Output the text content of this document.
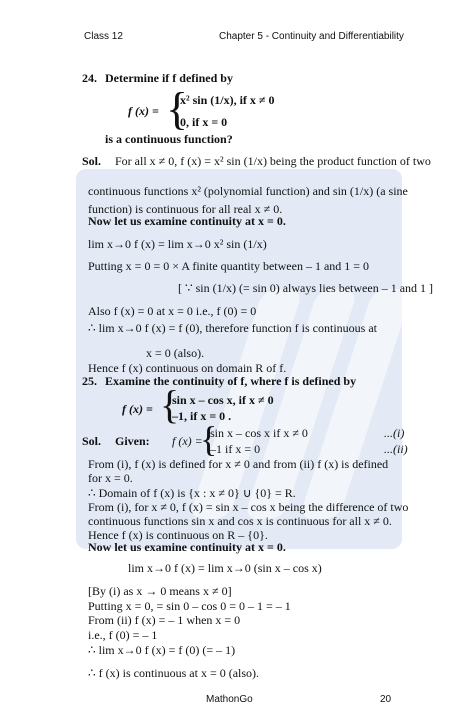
Class 12	Chapter 5 - Continuity and Differentiability
24. Determine if f defined by
f (x) = {
x² sin (1/x), if x ≠ 0
0, if x = 0
is a continuous function?
Sol. For all x ≠ 0, f (x) = x² sin (1/x) being the product function of two
continuous functions x² (polynomial function) and sin (1/x) (a sine
function) is continuous for all real x ≠ 0.
Now let us examine continuity at x = 0.
lim x→0 f (x) = lim x→0 x² sin (1/x)
Putting x = 0 = 0 × A finite quantity between – 1 and 1 = 0
[ ∵ sin (1/x) (= sin 0) always lies between – 1 and 1 ]
Also f (x) = 0 at x = 0 i.e., f (0) = 0
∴ lim x→0 f (x) = f (0), therefore function f is continuous at
x = 0 (also).
Hence f (x) continuous on domain R of f.
25. Examine the continuity of f, where f is defined by
f (x) = {
sin x – cos x, if x ≠ 0
–1, if x = 0 .
Sol. Given: f (x) =
{
sin x – cos x if x ≠ 0
–1 if x = 0
...(i)
...(ii)
From (i), f (x) is defined for x ≠ 0 and from (ii) f (x) is defined
for x = 0.
∴ Domain of f (x) is {x : x ≠ 0} ∪ {0} = R.
From (i), for x ≠ 0, f (x) = sin x – cos x being the difference of two
continuous functions sin x and cos x is continuous for all x ≠ 0.
Hence f (x) is continuous on R – {0}.
Now let us examine continuity at x = 0.
lim x→0 f (x) = lim x→0 (sin x – cos x)
[By (i) as x → 0 means x ≠ 0]
Putting x = 0, = sin 0 – cos 0 = 0 – 1 = – 1
From (ii) f (x) = – 1 when x = 0
i.e., f (0) = – 1
∴ lim x→0 f (x) = f (0) (= – 1)
∴ f (x) is continuous at x = 0 (also).
MathonGo	20
